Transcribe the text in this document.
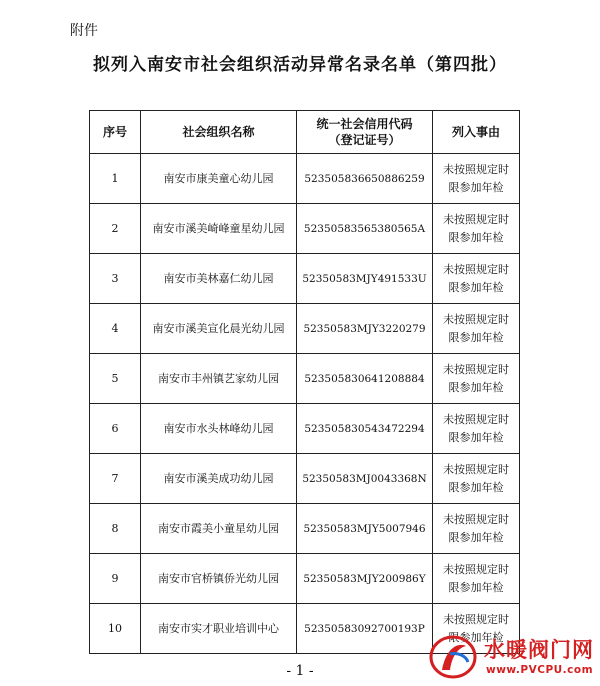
附件
拟列入南安市社会组织活动异常名录名单（第四批）
序号	社会组织名称	统一社会信用代码（登记证号）	列入事由
1	南安市康美童心幼儿园	523505836650886259	未按照规定时限参加年检
2	南安市溪美崎峰童星幼儿园	52350583565380565A	未按照规定时限参加年检
3	南安市美林嘉仁幼儿园	52350583MJY491533U	未按照规定时限参加年检
4	南安市溪美宣化晨光幼儿园	52350583MJY3220279	未按照规定时限参加年检
5	南安市丰州镇艺家幼儿园	523505830641208884	未按照规定时限参加年检
6	南安市水头林峰幼儿园	523505830543472294	未按照规定时限参加年检
7	南安市溪美成功幼儿园	52350583MJ0043368N	未按照规定时限参加年检
8	南安市霞美小童星幼儿园	52350583MJY5007946	未按照规定时限参加年检
9	南安市官桥镇侨光幼儿园	52350583MJY200986Y	未按照规定时限参加年检
10	南安市实才职业培训中心	52350583092700193P	未按照规定时限参加年检
- 1 -
水暖阀门网
www.PVCPU.com
